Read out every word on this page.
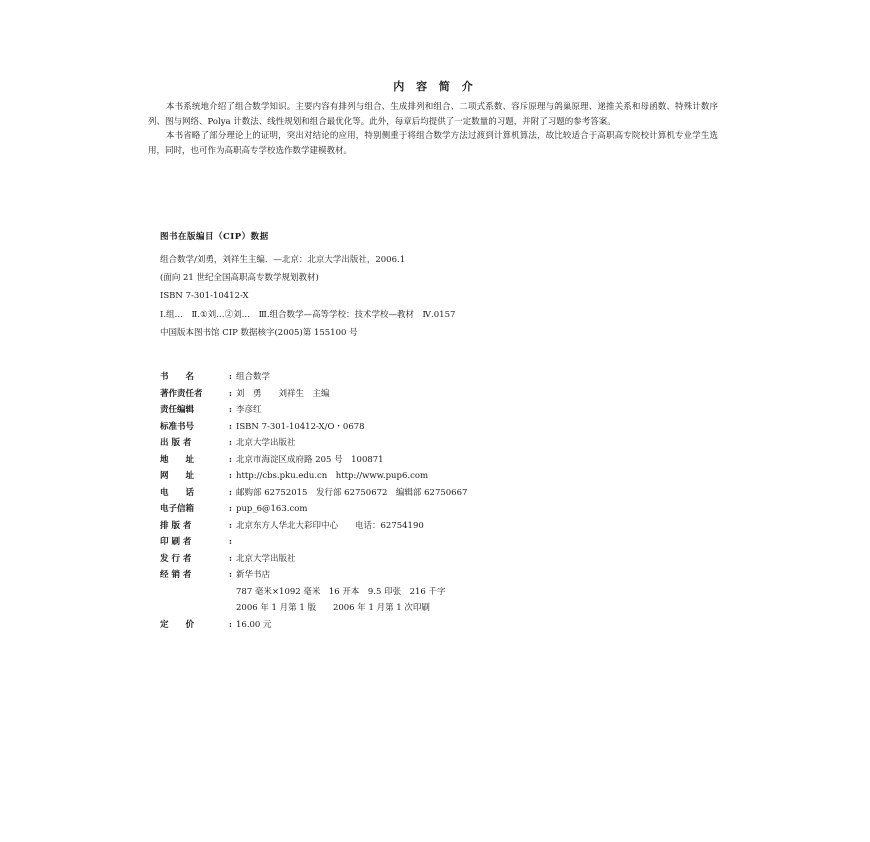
内 容 简 介

本书系统地介绍了组合数学知识。主要内容有排列与组合、生成排列和组合、二项式系数、容斥原理与鸽巢原理、递推关系和母函数、特殊计数序列、图与网络、Polya 计数法、线性规划和组合最优化等。此外，每章后均提供了一定数量的习题，并附了习题的参考答案。

本书省略了部分理论上的证明，突出对结论的应用，特别侧重于将组合数学方法过渡到计算机算法，故比较适合于高职高专院校计算机专业学生选用，同时，也可作为高职高专学校选作数学建模教材。

图书在版编目（CIP）数据
组合数学/刘勇，刘祥生主编．—北京：北京大学出版社，2006.1
(面向 21 世纪全国高职高专数学规划教材)
ISBN 7-301-10412-X
Ⅰ.组…　Ⅱ.①刘…②刘…　Ⅲ.组合数学—高等学校：技术学校—教材　Ⅳ.0157
中国版本图书馆 CIP 数据核字(2005)第 155100 号
书　　名	: 组合数学
著作责任者	: 刘　勇　　刘祥生　主编
责任编辑	: 李彦红
标准书号	: ISBN 7-301-10412-X/O・0678
出 版 者	: 北京大学出版社
地　　址	: 北京市海淀区成府路 205 号　100871
网　　址	: http://cbs.pku.edu.cn　http://www.pup6.com
电　　话	: 邮购部 62752015　发行部 62750672　编辑部 62750667
电子信箱	: pup_6@163.com
排 版 者	: 北京东方人华北大彩印中心　　电话：62754190
印 刷 者	:
发 行 者	: 北京大学出版社
经 销 者	: 新华书店
787 毫米×1092 毫米　16 开本　9.5 印张　216 千字
2006 年 1 月第 1 版　　2006 年 1 月第 1 次印刷
定　　价	: 16.00 元
